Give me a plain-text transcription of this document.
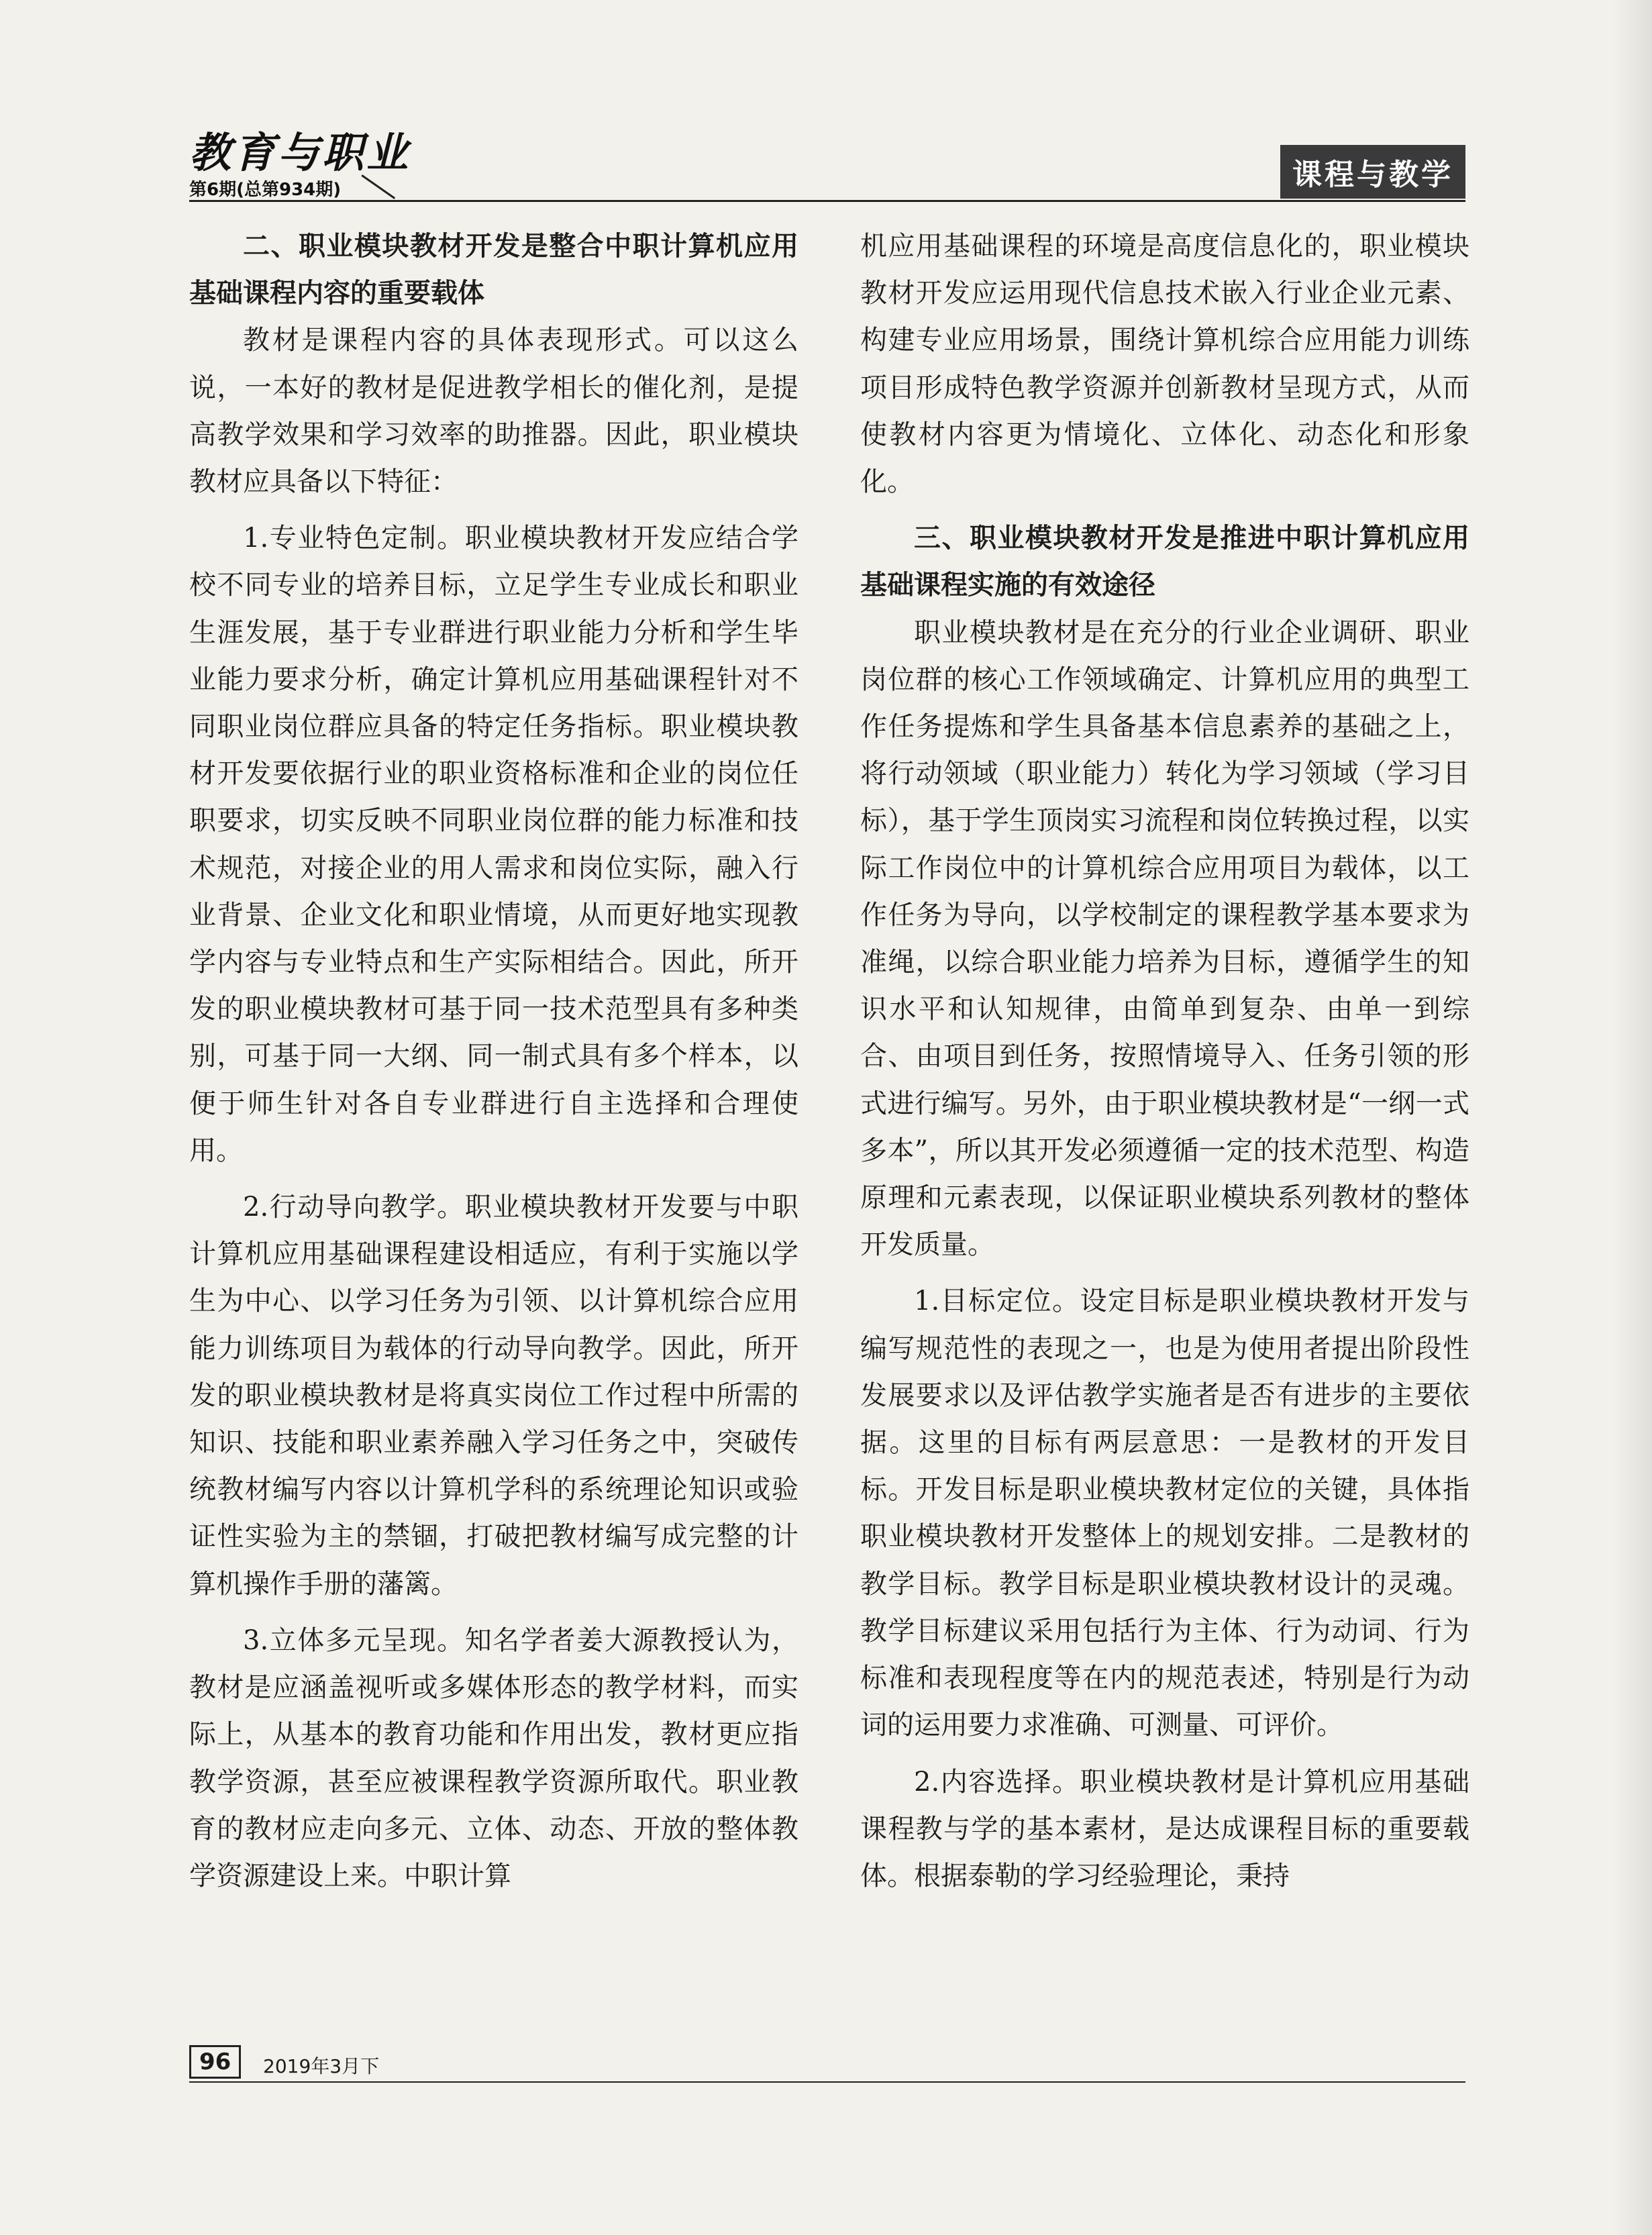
教育与职业
第6期(总第934期)	课程与教学
二、职业模块教材开发是整合中职计算机应用基础课程内容的重要载体

教材是课程内容的具体表现形式。可以这么说，一本好的教材是促进教学相长的催化剂，是提高教学效果和学习效率的助推器。因此，职业模块教材应具备以下特征：

1.专业特色定制。职业模块教材开发应结合学校不同专业的培养目标，立足学生专业成长和职业生涯发展，基于专业群进行职业能力分析和学生毕业能力要求分析，确定计算机应用基础课程针对不同职业岗位群应具备的特定任务指标。职业模块教材开发要依据行业的职业资格标准和企业的岗位任职要求，切实反映不同职业岗位群的能力标准和技术规范，对接企业的用人需求和岗位实际，融入行业背景、企业文化和职业情境，从而更好地实现教学内容与专业特点和生产实际相结合。因此，所开发的职业模块教材可基于同一技术范型具有多种类别，可基于同一大纲、同一制式具有多个样本，以便于师生针对各自专业群进行自主选择和合理使用。

2.行动导向教学。职业模块教材开发要与中职计算机应用基础课程建设相适应，有利于实施以学生为中心、以学习任务为引领、以计算机综合应用能力训练项目为载体的行动导向教学。因此，所开发的职业模块教材是将真实岗位工作过程中所需的知识、技能和职业素养融入学习任务之中，突破传统教材编写内容以计算机学科的系统理论知识或验证性实验为主的禁锢，打破把教材编写成完整的计算机操作手册的藩篱。

3.立体多元呈现。知名学者姜大源教授认为，教材是应涵盖视听或多媒体形态的教学材料，而实际上，从基本的教育功能和作用出发，教材更应指教学资源，甚至应被课程教学资源所取代。职业教育的教材应走向多元、立体、动态、开放的整体教学资源建设上来。中职计算

机应用基础课程的环境是高度信息化的，职业模块教材开发应运用现代信息技术嵌入行业企业元素、构建专业应用场景，围绕计算机综合应用能力训练项目形成特色教学资源并创新教材呈现方式，从而使教材内容更为情境化、立体化、动态化和形象化。

三、职业模块教材开发是推进中职计算机应用基础课程实施的有效途径

职业模块教材是在充分的行业企业调研、职业岗位群的核心工作领域确定、计算机应用的典型工作任务提炼和学生具备基本信息素养的基础之上，将行动领域（职业能力）转化为学习领域（学习目标），基于学生顶岗实习流程和岗位转换过程，以实际工作岗位中的计算机综合应用项目为载体，以工作任务为导向，以学校制定的课程教学基本要求为准绳，以综合职业能力培养为目标，遵循学生的知识水平和认知规律，由简单到复杂、由单一到综合、由项目到任务，按照情境导入、任务引领的形式进行编写。另外，由于职业模块教材是“一纲一式多本”，所以其开发必须遵循一定的技术范型、构造原理和元素表现，以保证职业模块系列教材的整体开发质量。

1.目标定位。设定目标是职业模块教材开发与编写规范性的表现之一，也是为使用者提出阶段性发展要求以及评估教学实施者是否有进步的主要依据。这里的目标有两层意思：一是教材的开发目标。开发目标是职业模块教材定位的关键，具体指职业模块教材开发整体上的规划安排。二是教材的教学目标。教学目标是职业模块教材设计的灵魂。教学目标建议采用包括行为主体、行为动词、行为标准和表现程度等在内的规范表述，特别是行为动词的运用要力求准确、可测量、可评价。

2.内容选择。职业模块教材是计算机应用基础课程教与学的基本素材，是达成课程目标的重要载体。根据泰勒的学习经验理论，秉持

96	2019年3月下
